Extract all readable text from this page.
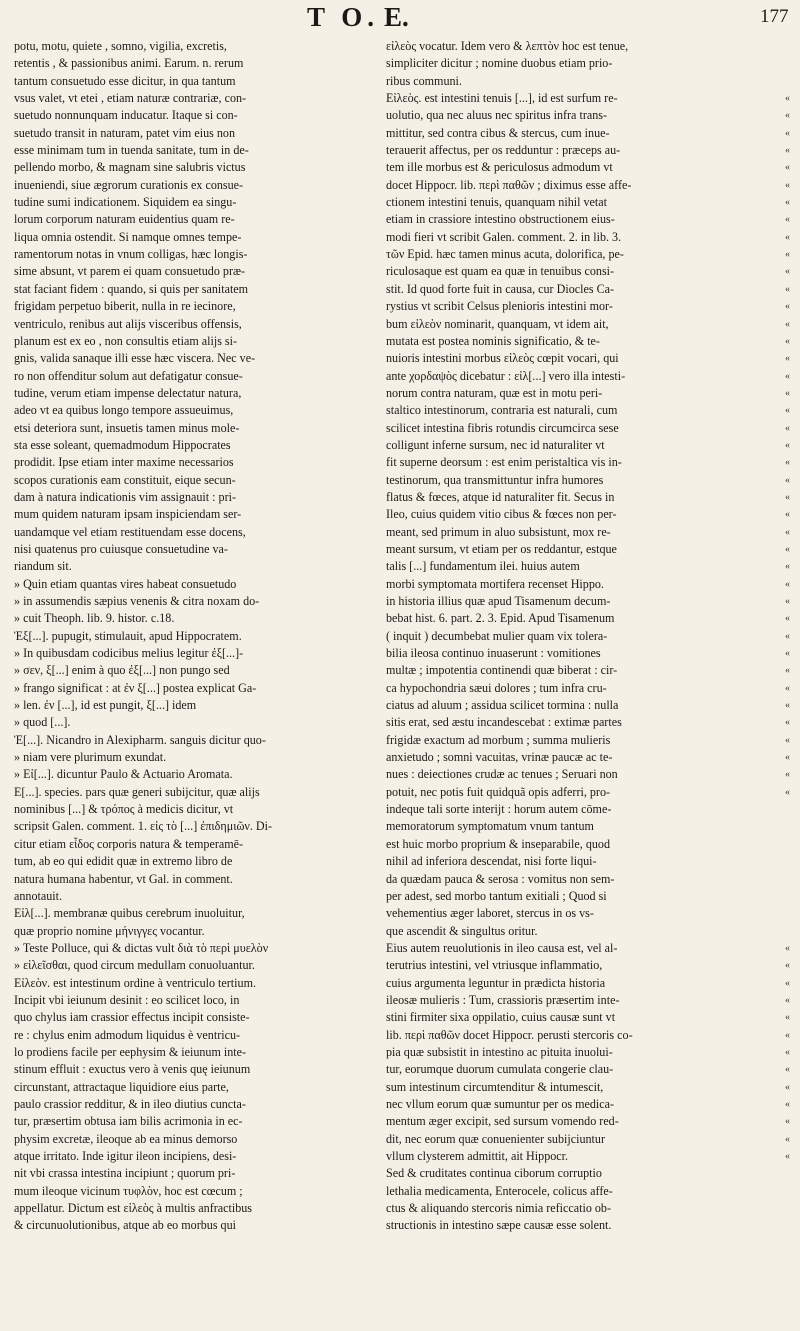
T O. E.	177
potu, motu, quiete , somno, vigilia, excretis,
retentis , & passionibus animi. Earum. n. rerum
tantum consuetudo esse dicitur, in qua tantum
vsus valet, vt etei , etiam naturæ contrariæ, con-
suetudo nonnunquam inducatur. Itaque si con-
suetudo transit in naturam, patet vim eius non
esse minimam tum in tuenda sanitate, tum in de-
pellendo morbo, & magnam sine salubris victus
inueniendi, siue ægrorum curationis ex consue-
tudine sumi indicationem. Siquidem ea singu-
lorum corporum naturam euidentius quam re-
liqua omnia ostendit. Si namque omnes tempe-
ramentorum notas in vnum colligas, hæc longis-
sime absunt, vt parem ei quam consuetudo præ-
stat faciant fidem : quando, si quis per sanitatem
frigidam perpetuo biberit, nulla in re iecinore,
ventriculo, renibus aut alijs visceribus offensis,
planum est ex eo , non consultis etiam alijs si-
gnis, valida sanaque illi esse hæc viscera. Nec ve-
ro non offenditur solum aut defatigatur consue-
tudine, verum etiam impense delectatur natura,
adeo vt ea quibus longo tempore assueuimus,
etsi deteriora sunt, insuetis tamen minus mole-
sta esse soleant, quemadmodum Hippocrates
prodidit. Ipse etiam inter maxime necessarios
scopos curationis eam constituit, eique secun-
dam à natura indicationis vim assignauit : pri-
mum quidem naturam ipsam inspiciendam ser-
uandamque vel etiam restituendam esse docens,
nisi quatenus pro cuiusque consuetudine va-
riandum sit.
» Quin etiam quantas vires habeat consuetudo
» in assumendis sæpius venenis & citra noxam do-
» cuit Theoph. lib. 9. histor. c.18.
Ἐξ[...]. pupugit, stimulauit, apud Hippocratem.
» In quibusdam codicibus melius legitur ἐξ[...]-
» σεν, ξ[...] enim à quo ἐξ[...] non pungo sed
» frango significat : at ἐν ξ[...] postea explicat Ga-
» len. ἐν [...], id est pungit, ξ[...] idem
» quod [...].
Ἐ[...]. Nicandro in Alexipharm. sanguis dicitur quo-
» niam vere plurimum exundat.
» Εἰ[...]. dicuntur Paulo & Actuario Aromata.
Ε[...]. species. pars quæ generi subijcitur, quæ alijs
nominibus [...] & τρόπος à medicis dicitur, vt
scripsit Galen. comment. 1. εἰς τὸ [...] ἐπιδημιῶν. Di-
citur etiam εἶδος corporis natura & temperamē-
tum, ab eo qui edidit quæ in extremo libro de
natura humana habentur, vt Gal. in comment.
annotauit.
Εἰλ[...]. membranæ quibus cerebrum inuoluitur,
quæ proprio nomine μήνιγγες vocantur.
» Teste Polluce, qui & dictas vult διὰ τὸ περὶ μυελὸν
» εἰλεῖσθαι, quod circum medullam conuoluantur.
Εἰλεὸν. est intestinum ordine à ventriculo tertium.
Incipit vbi ieiunum desinit : eo scilicet loco, in
quo chylus iam crassior effectus incipit consiste-
re : chylus enim admodum liquidus è ventricu-
lo prodiens facile per eephysim & ieiunum inte-
stinum effluit : exuctus vero à venis quę ieiunum
circunstant, attractaque liquidiore eius parte,
paulo crassior redditur, & in ileo diutius cuncta-
tur, præsertim obtusa iam bilis acrimonia in ec-
physim excretæ, ileoque ab ea minus demorso
atque irritato. Inde igitur ileon incipiens, desi-
nit vbi crassa intestina incipiunt ; quorum pri-
mum ileoque vicinum τυφλὸν, hoc est cœcum ;
appellatur. Dictum est εἰλεὸς à multis anfractibus
& circunuolutionibus, atque ab eo morbus qui
εἰλεὸς vocatur. Idem vero & λεπτὸν hoc est tenue,
simpliciter dicitur ; nomine duobus etiam prio-
ribus communi.
Εἰλεὸς. est intestini tenuis [...], id est surfum re-	«
uolutio, qua nec aluus nec spiritus infra trans-	«
mittitur, sed contra cibus & stercus, cum inue-	«
terauerit affectus, per os redduntur : præceps au-	«
tem ille morbus est & periculosus admodum vt	«
docet Hippocr. lib. περὶ παθῶν ; diximus esse affe-	«
ctionem intestini tenuis, quanquam nihil vetat	«
etiam in crassiore intestino obstructionem eius-	«
modi fieri vt scribit Galen. comment. 2. in lib. 3.	«
τῶν Epid. hæc tamen minus acuta, dolorifica, pe-	«
riculosaque est quam ea quæ in tenuibus consi-	«
stit. Id quod forte fuit in causa, cur Diocles Ca-	«
rystius vt scribit Celsus plenioris intestini mor-	«
bum εἰλεὸν nominarit, quanquam, vt idem ait,	«
mutata est postea nominis significatio, & te-	«
nuioris intestini morbus εἰλεὸς cœpit vocari, qui	«
ante χορδαψὸς dicebatur : εἰλ[...] vero illa intesti-	«
norum contra naturam, quæ est in motu peri-	«
staltico intestinorum, contraria est naturali, cum	«
scilicet intestina fibris rotundis circumcirca sese	«
colligunt inferne sursum, nec id naturaliter vt	«
fit superne deorsum : est enim peristaltica vis in-	«
testinorum, qua transmittuntur infra humores	«
flatus & fœces, atque id naturaliter fit. Secus in	«
Ileo, cuius quidem vitio cibus & fœces non per-	«
meant, sed primum in aluo subsistunt, mox re-	«
meant sursum, vt etiam per os reddantur, estque	«
talis [...] fundamentum ilei. huius autem	«
morbi symptomata mortifera recenset Hippo.	«
in historia illius quæ apud Tisamenum decum-	«
bebat hist. 6. part. 2. 3. Epid. Apud Tisamenum	«
( inquit ) decumbebat mulier quam vix tolera-	«
bilia ileosa continuo inuaserunt : vomitiones	«
multæ ; impotentia continendi quæ biberat : cir-	«
ca hypochondria sæui dolores ; tum infra cru-	«
ciatus ad aluum ; assidua scilicet tormina : nulla	«
sitis erat, sed æstu incandescebat : extimæ partes	«
frigidæ exactum ad morbum ; summa mulieris	«
anxietudo ; somni vacuitas, vrinæ paucæ ac te-	«
nues : deiectiones crudæ ac tenues ; Seruari non	«
potuit, nec potis fuit quidquã opis adferri, pro-	«
indeque tali sorte interijt : horum autem cōme-
memoratorum symptomatum vnum tantum
est huic morbo proprium & inseparabile, quod
nihil ad inferiora descendat, nisi forte liqui-
da quædam pauca & serosa : vomitus non sem-
per adest, sed morbo tantum exitiali ; Quod si
vehementius æger laboret, stercus in os vs-
que ascendit & singultus oritur.
Eius autem reuolutionis in ileo causa est, vel al-	«
terutrius intestini, vel vtriusque inflammatio,	«
cuius argumenta leguntur in prædicta historia	«
ileosæ mulieris : Tum, crassioris præsertim inte-	«
stini firmiter sixa oppilatio, cuius causæ sunt vt	«
lib. περὶ παθῶν docet Hippocr. perusti stercoris co-	«
pia quæ subsistit in intestino ac pituita inuolui-	«
tur, eorumque duorum cumulata congerie clau-	«
sum intestinum circumtenditur & intumescit,	«
nec vllum eorum quæ sumuntur per os medica-	«
mentum æger excipit, sed sursum vomendo red-	«
dit, nec eorum quæ conuenienter subijciuntur	«
vllum clysterem admittit, ait Hippocr.	«
Sed & cruditates continua ciborum corruptio
lethalia medicamenta, Enterocele, colicus affe-
ctus & aliquando stercoris nimia reficcatio ob-
structionis in intestino sæpe causæ esse solent.
